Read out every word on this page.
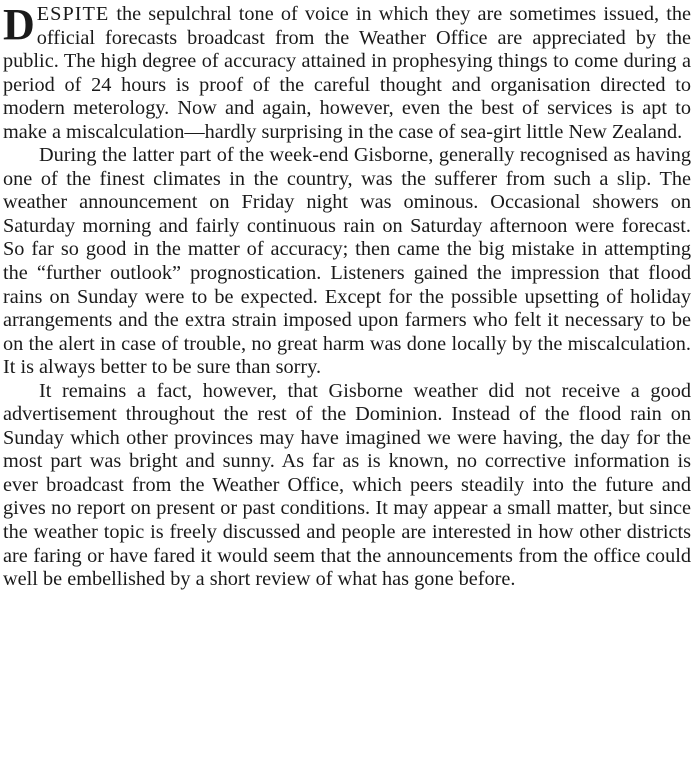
DESPITE the sepulchral tone of voice in which they are sometimes issued, the official forecasts broadcast from the Weather Office are appreciated by the public. The high degree of accuracy attained in prophesying things to come during a period of 24 hours is proof of the careful thought and organisation directed to modern meterology. Now and again, however, even the best of services is apt to make a miscalculation—hardly surprising in the case of sea-girt little New Zealand.

During the latter part of the week-end Gisborne, generally recognised as having one of the finest climates in the country, was the sufferer from such a slip. The weather announcement on Friday night was ominous. Occasional showers on Saturday morning and fairly continuous rain on Saturday afternoon were forecast. So far so good in the matter of accuracy; then came the big mistake in attempting the “further outlook” prognostication. Listeners gained the impression that flood rains on Sunday were to be expected. Except for the possible upsetting of holiday arrangements and the extra strain imposed upon farmers who felt it necessary to be on the alert in case of trouble, no great harm was done locally by the miscalculation. It is always better to be sure than sorry.

It remains a fact, however, that Gisborne weather did not receive a good advertisement throughout the rest of the Dominion. Instead of the flood rain on Sunday which other provinces may have imagined we were having, the day for the most part was bright and sunny. As far as is known, no corrective information is ever broadcast from the Weather Office, which peers steadily into the future and gives no report on present or past conditions. It may appear a small matter, but since the weather topic is freely discussed and people are interested in how other districts are faring or have fared it would seem that the announcements from the office could well be embellished by a short review of what has gone before.
